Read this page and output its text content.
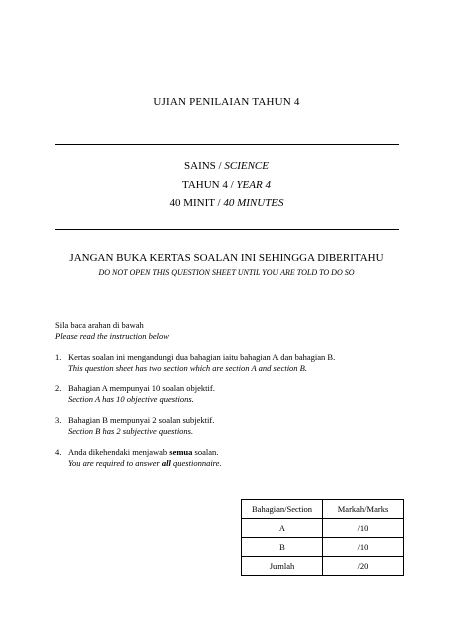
UJIAN PENILAIAN TAHUN 4
SAINS / SCIENCE
TAHUN 4 / YEAR 4
40 MINIT / 40 MINUTES
JANGAN BUKA KERTAS SOALAN INI SEHINGGA DIBERITAHU
DO NOT OPEN THIS QUESTION SHEET UNTIL YOU ARE TOLD TO DO SO
Sila baca arahan di bawah
Please read the instruction below
1. Kertas soalan ini mengandungi dua bahagian iaitu bahagian A dan bahagian B.
This question sheet has two section which are section A and section B.
2. Bahagian A mempunyai 10 soalan objektif.
Section A has 10 objective questions.
3. Bahagian B mempunyai 2 soalan subjektif.
Section B has 2 subjective questions.
4. Anda dikehendaki menjawab semua soalan.
You are required to answer all questionnaire.
Bahagian/Section	Markah/Marks
A	/10
B	/10
Jumlah	/20
